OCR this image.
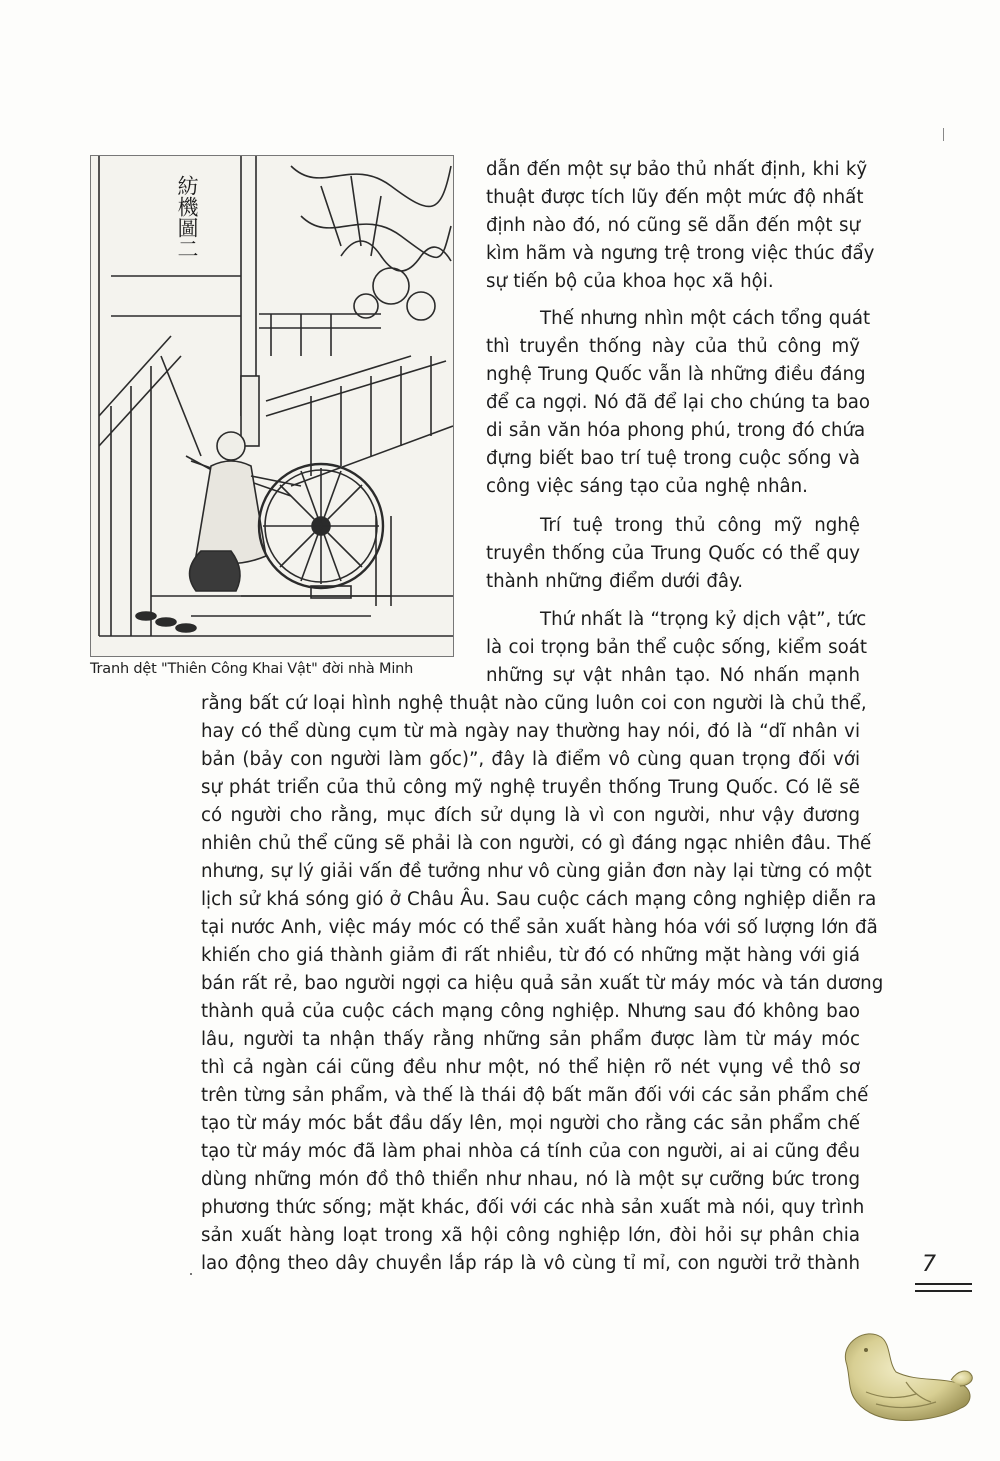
紡機圖二
Tranh dệt "Thiên Công Khai Vật" đời nhà Minh

dẫn đến một sự bảo thủ nhất định, khi kỹ

thuật được tích lũy đến một mức độ nhất

định nào đó, nó cũng sẽ dẫn đến một sự

kìm hãm và ngưng trệ trong việc thúc đẩy

sự tiến bộ của khoa học xã hội.

Thế nhưng nhìn một cách tổng quát

thì truyền thống này của thủ công mỹ

nghệ Trung Quốc vẫn là những điều đáng

để ca ngợi. Nó đã để lại cho chúng ta bao

di sản văn hóa phong phú, trong đó chứa

đựng biết bao trí tuệ trong cuộc sống và

công việc sáng tạo của nghệ nhân.

Trí tuệ trong thủ công mỹ nghệ

truyền thống của Trung Quốc có thể quy

thành những điểm dưới đây.

Thứ nhất là “trọng kỷ dịch vật”, tức

là coi trọng bản thể cuộc sống, kiểm soát

những sự vật nhân tạo. Nó nhấn mạnh

rằng bất cứ loại hình nghệ thuật nào cũng luôn coi con người là chủ thể,

hay có thể dùng cụm từ mà ngày nay thường hay nói, đó là “dĩ nhân vi

bản (bảy con người làm gốc)”, đây là điểm vô cùng quan trọng đối với

sự phát triển của thủ công mỹ nghệ truyền thống Trung Quốc. Có lẽ sẽ

có người cho rằng, mục đích sử dụng là vì con người, như vậy đương

nhiên chủ thể cũng sẽ phải là con người, có gì đáng ngạc nhiên đâu. Thế

nhưng, sự lý giải vấn đề tưởng như vô cùng giản đơn này lại từng có một

lịch sử khá sóng gió ở Châu Âu. Sau cuộc cách mạng công nghiệp diễn ra

tại nước Anh, việc máy móc có thể sản xuất hàng hóa với số lượng lớn đã

khiến cho giá thành giảm đi rất nhiều, từ đó có những mặt hàng với giá

bán rất rẻ, bao người ngợi ca hiệu quả sản xuất từ máy móc và tán dương

thành quả của cuộc cách mạng công nghiệp. Nhưng sau đó không bao

lâu, người ta nhận thấy rằng những sản phẩm được làm từ máy móc

thì cả ngàn cái cũng đều như một, nó thể hiện rõ nét vụng về thô sơ

trên từng sản phẩm, và thế là thái độ bất mãn đối với các sản phẩm chế

tạo từ máy móc bắt đầu dấy lên, mọi người cho rằng các sản phẩm chế

tạo từ máy móc đã làm phai nhòa cá tính của con người, ai ai cũng đều

dùng những món đồ thô thiển như nhau, nó là một sự cưỡng bức trong

phương thức sống; mặt khác, đối với các nhà sản xuất mà nói, quy trình

sản xuất hàng loạt trong xã hội công nghiệp lớn, đòi hỏi sự phân chia

lao động theo dây chuyền lắp ráp là vô cùng tỉ mỉ, con người trở thành	7
